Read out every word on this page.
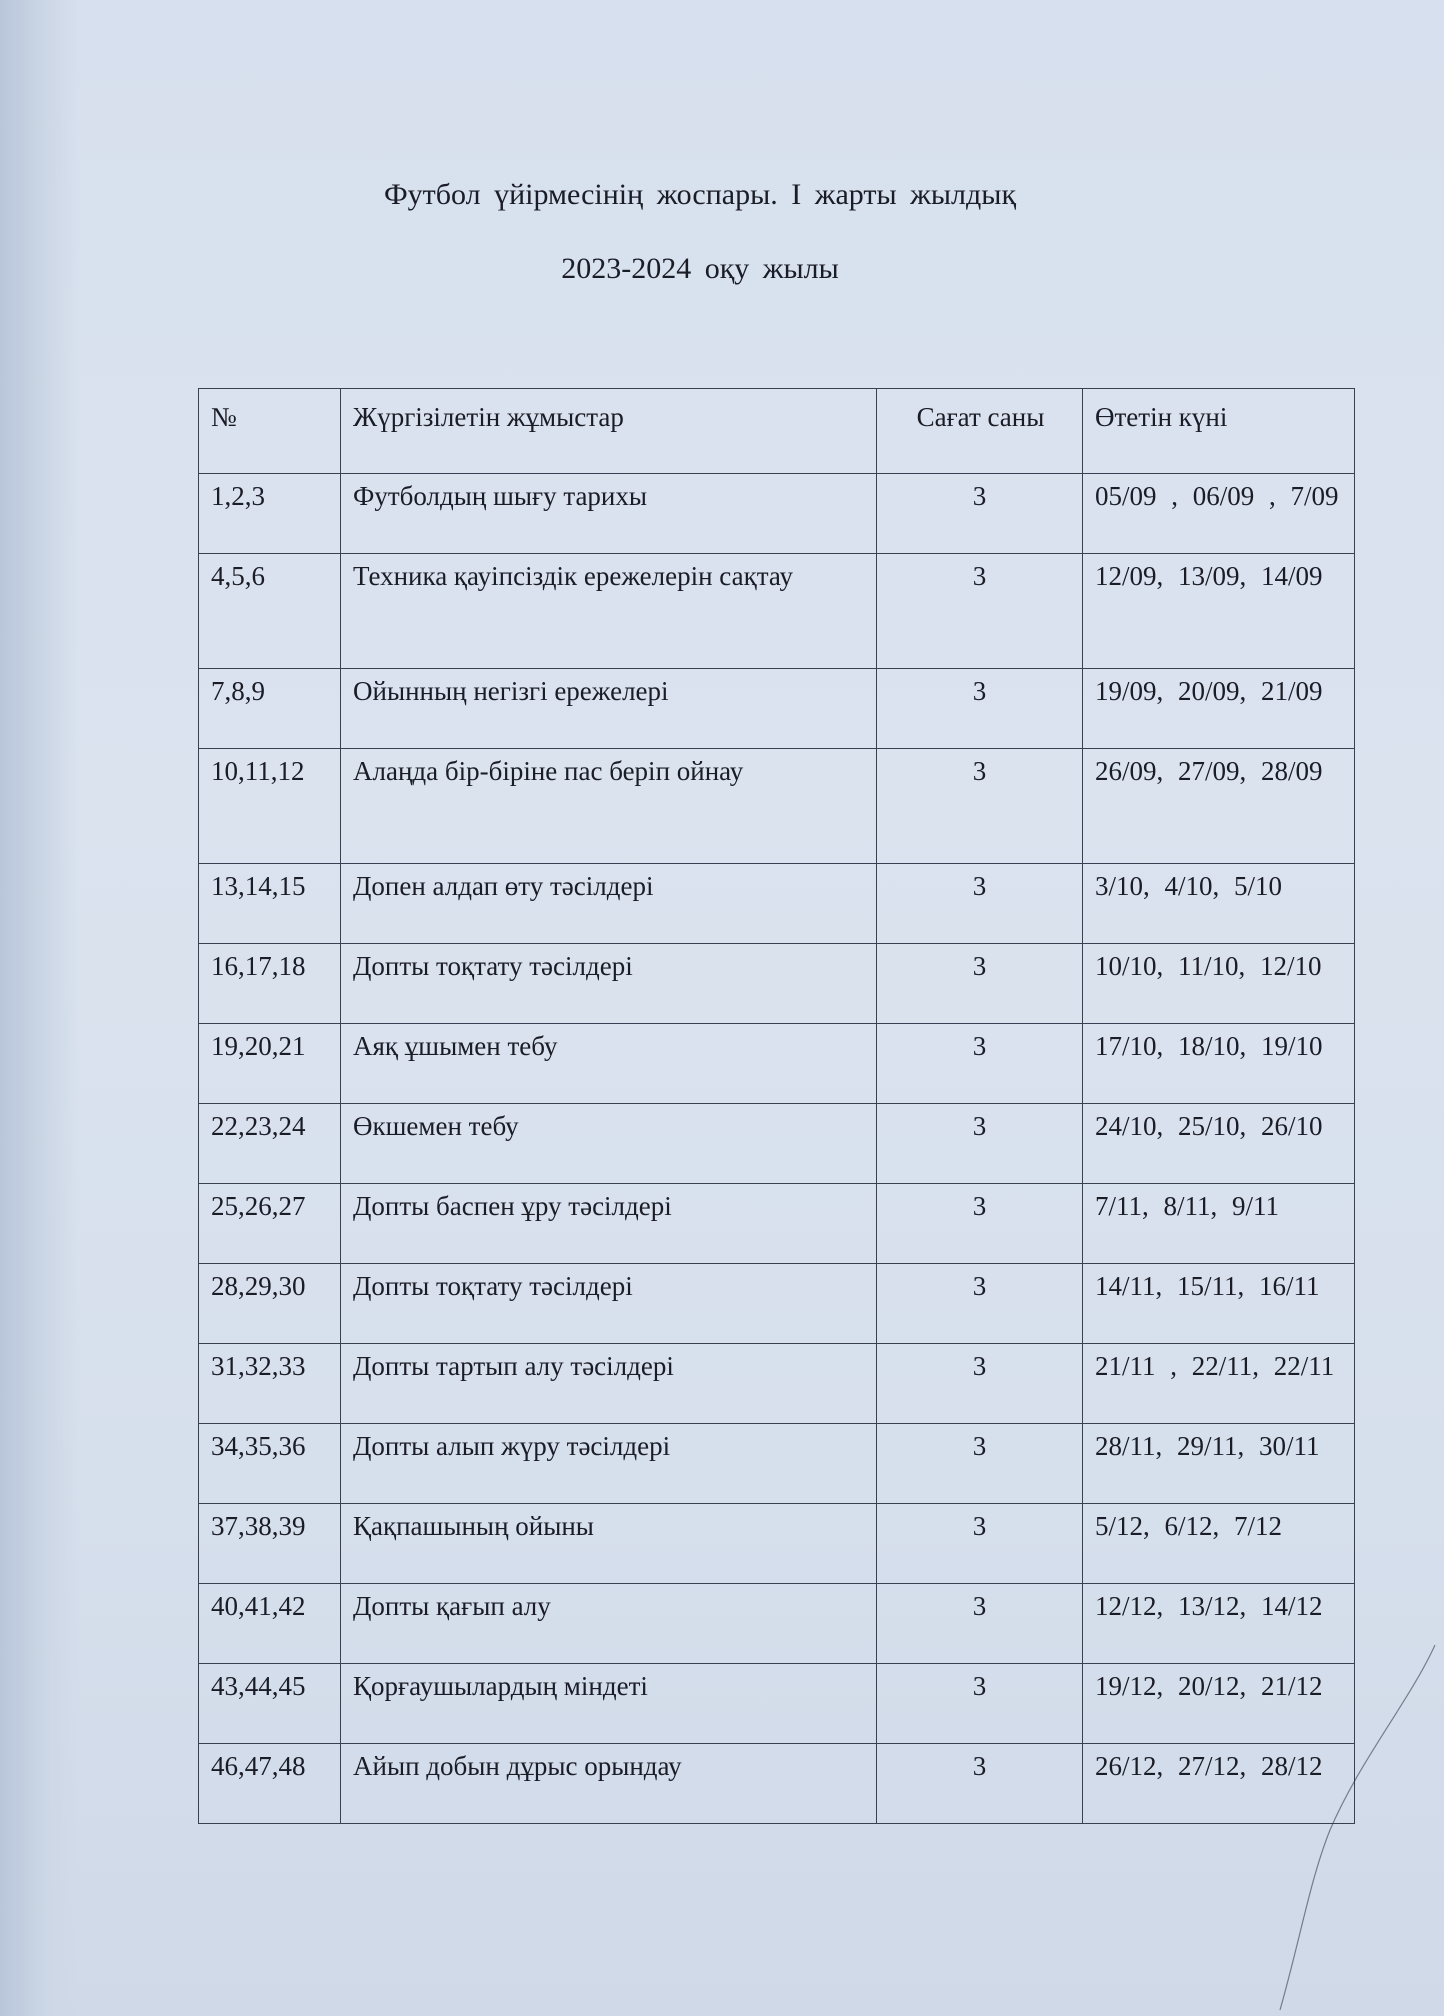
Футбол үйірмесінің жоспары. І жарты жылдық
2023-2024 оқу жылы
№	Жүргізілетін жұмыстар	Сағат саны	Өтетін күні
1,2,3	Футболдың шығу тарихы	3	05/09 , 06/09 , 7/09
4,5,6	Техника қауіпсіздік ережелерін сақтау	3	12/09, 13/09, 14/09
7,8,9	Ойынның негізгі ережелері	3	19/09, 20/09, 21/09
10,11,12	Алаңда бір-біріне пас беріп ойнау	3	26/09, 27/09, 28/09
13,14,15	Допен алдап өту тәсілдері	3	3/10, 4/10, 5/10
16,17,18	Допты тоқтату тәсілдері	3	10/10, 11/10, 12/10
19,20,21	Аяқ ұшымен тебу	3	17/10, 18/10, 19/10
22,23,24	Өкшемен тебу	3	24/10, 25/10, 26/10
25,26,27	Допты баспен ұру тәсілдері	3	7/11, 8/11, 9/11
28,29,30	Допты тоқтату тәсілдері	3	14/11, 15/11, 16/11
31,32,33	Допты тартып алу тәсілдері	3	21/11 , 22/11, 22/11
34,35,36	Допты алып жүру тәсілдері	3	28/11, 29/11, 30/11
37,38,39	Қақпашының ойыны	3	5/12, 6/12, 7/12
40,41,42	Допты қағып алу	3	12/12, 13/12, 14/12
43,44,45	Қорғаушылардың міндеті	3	19/12, 20/12, 21/12
46,47,48	Айып добын дұрыс орындау	3	26/12, 27/12, 28/12
